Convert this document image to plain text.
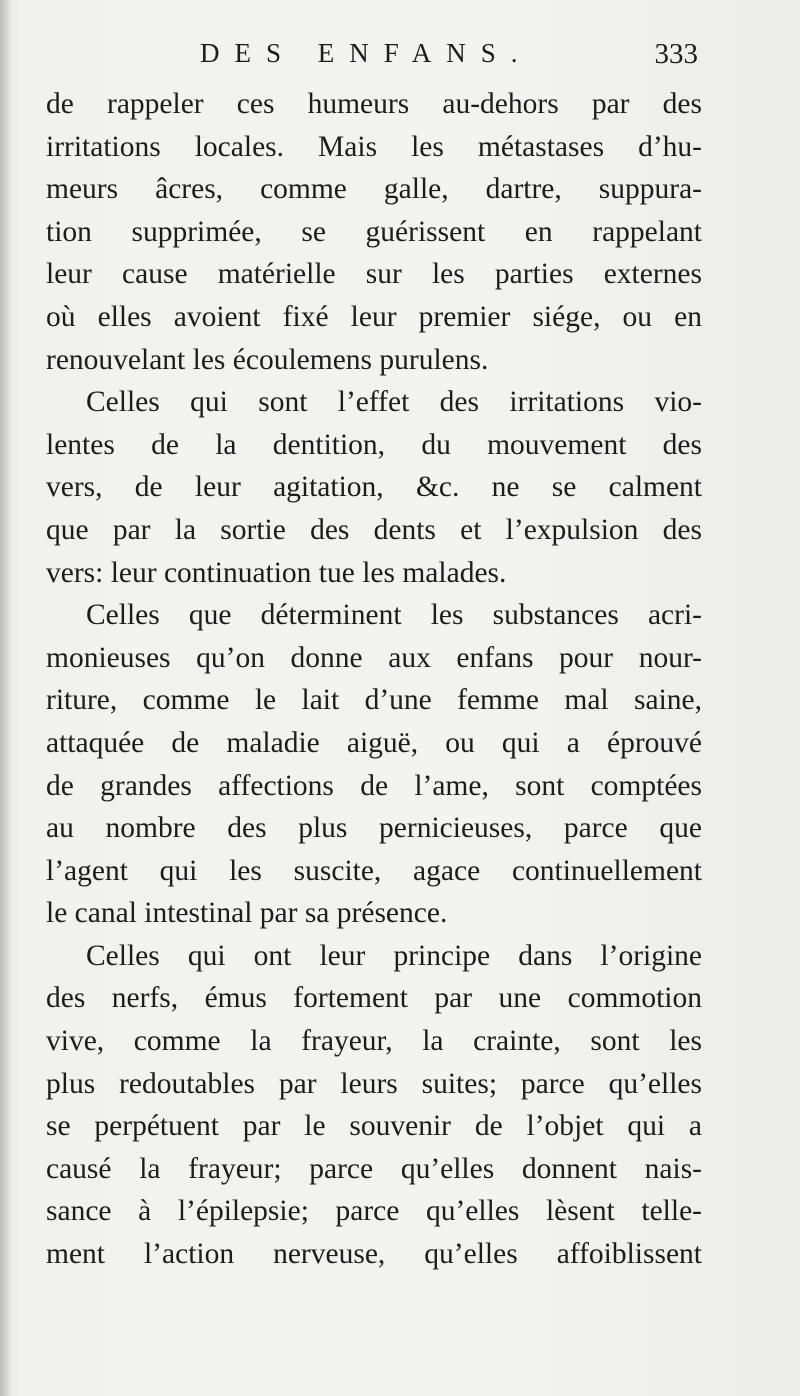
DES ENFANS.	333
de rappeler ces humeurs au-dehors par des
irritations locales. Mais les métastases d’hu-
meurs âcres, comme galle, dartre, suppura-
tion supprimée, se guérissent en rappelant
leur cause matérielle sur les parties externes
où elles avoient fixé leur premier siége, ou en
renouvelant les écoulemens purulens.
Celles qui sont l’effet des irritations vio-
lentes de la dentition, du mouvement des
vers, de leur agitation, &c. ne se calment
que par la sortie des dents et l’expulsion des
vers: leur continuation tue les malades.
Celles que déterminent les substances acri-
monieuses qu’on donne aux enfans pour nour-
riture, comme le lait d’une femme mal saine,
attaquée de maladie aiguë, ou qui a éprouvé
de grandes affections de l’ame, sont comptées
au nombre des plus pernicieuses, parce que
l’agent qui les suscite, agace continuellement
le canal intestinal par sa présence.
Celles qui ont leur principe dans l’origine
des nerfs, émus fortement par une commotion
vive, comme la frayeur, la crainte, sont les
plus redoutables par leurs suites; parce qu’elles
se perpétuent par le souvenir de l’objet qui a
causé la frayeur; parce qu’elles donnent nais-
sance à l’épilepsie; parce qu’elles lèsent telle-
ment l’action nerveuse, qu’elles affoiblissent
